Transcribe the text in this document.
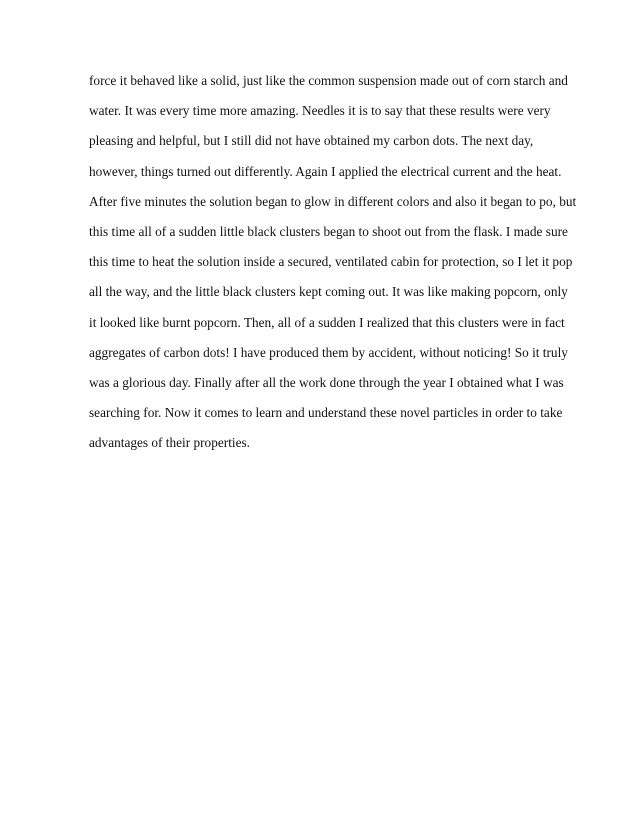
force it behaved like a solid, just like the common suspension made out of corn starch and
water. It was every time more amazing. Needles it is to say that these results were very
pleasing and helpful, but I still did not have obtained my carbon dots. The next day,
however, things turned out differently. Again I applied the electrical current and the heat.
After five minutes the solution began to glow in different colors and also it began to po, but
this time all of a sudden little black clusters began to shoot out from the flask. I made sure
this time to heat the solution inside a secured, ventilated cabin for protection, so I let it pop
all the way, and the little black clusters kept coming out. It was like making popcorn, only
it looked like burnt popcorn. Then, all of a sudden I realized that this clusters were in fact
aggregates of carbon dots! I have produced them by accident, without noticing! So it truly
was a glorious day. Finally after all the work done through the year I obtained what I was
searching for. Now it comes to learn and understand these novel particles in order to take
advantages of their properties.
